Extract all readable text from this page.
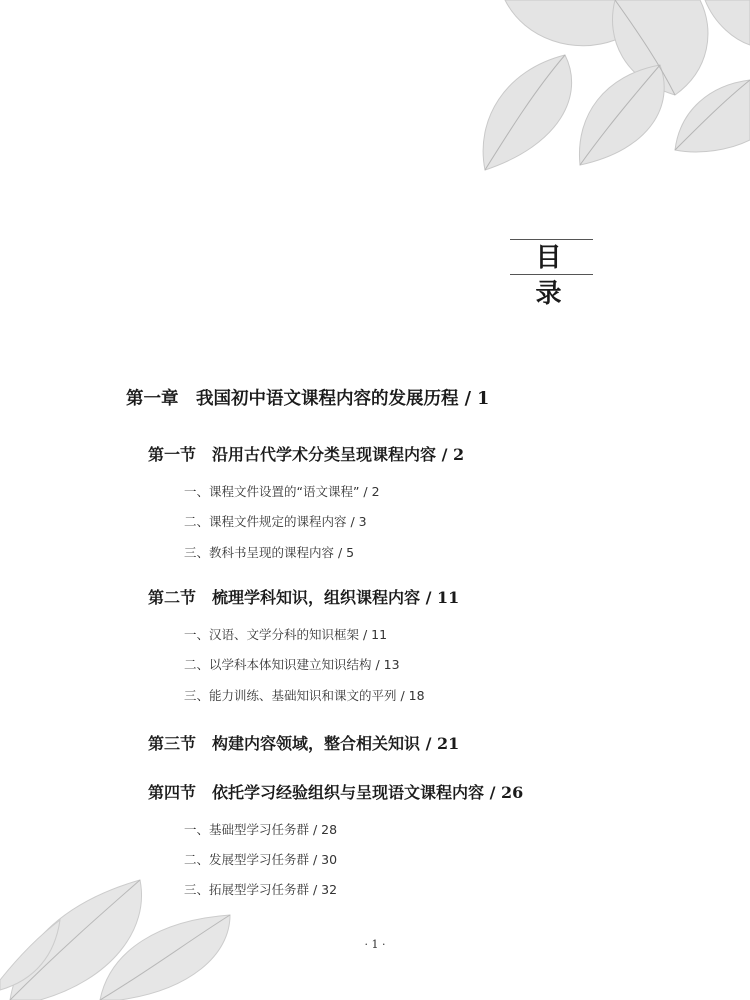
目 录
第一章　我国初中语文课程内容的发展历程 / 1
第一节　沿用古代学术分类呈现课程内容 / 2
一、课程文件设置的“语文课程” / 2
二、课程文件规定的课程内容 / 3
三、教科书呈现的课程内容 / 5
第二节　梳理学科知识，组织课程内容 / 11
一、汉语、文学分科的知识框架 / 11
二、以学科本体知识建立知识结构 / 13
三、能力训练、基础知识和课文的平列 / 18
第三节　构建内容领域，整合相关知识 / 21
第四节　依托学习经验组织与呈现语文课程内容 / 26
一、基础型学习任务群 / 28
二、发展型学习任务群 / 30
三、拓展型学习任务群 / 32
· 1 ·
